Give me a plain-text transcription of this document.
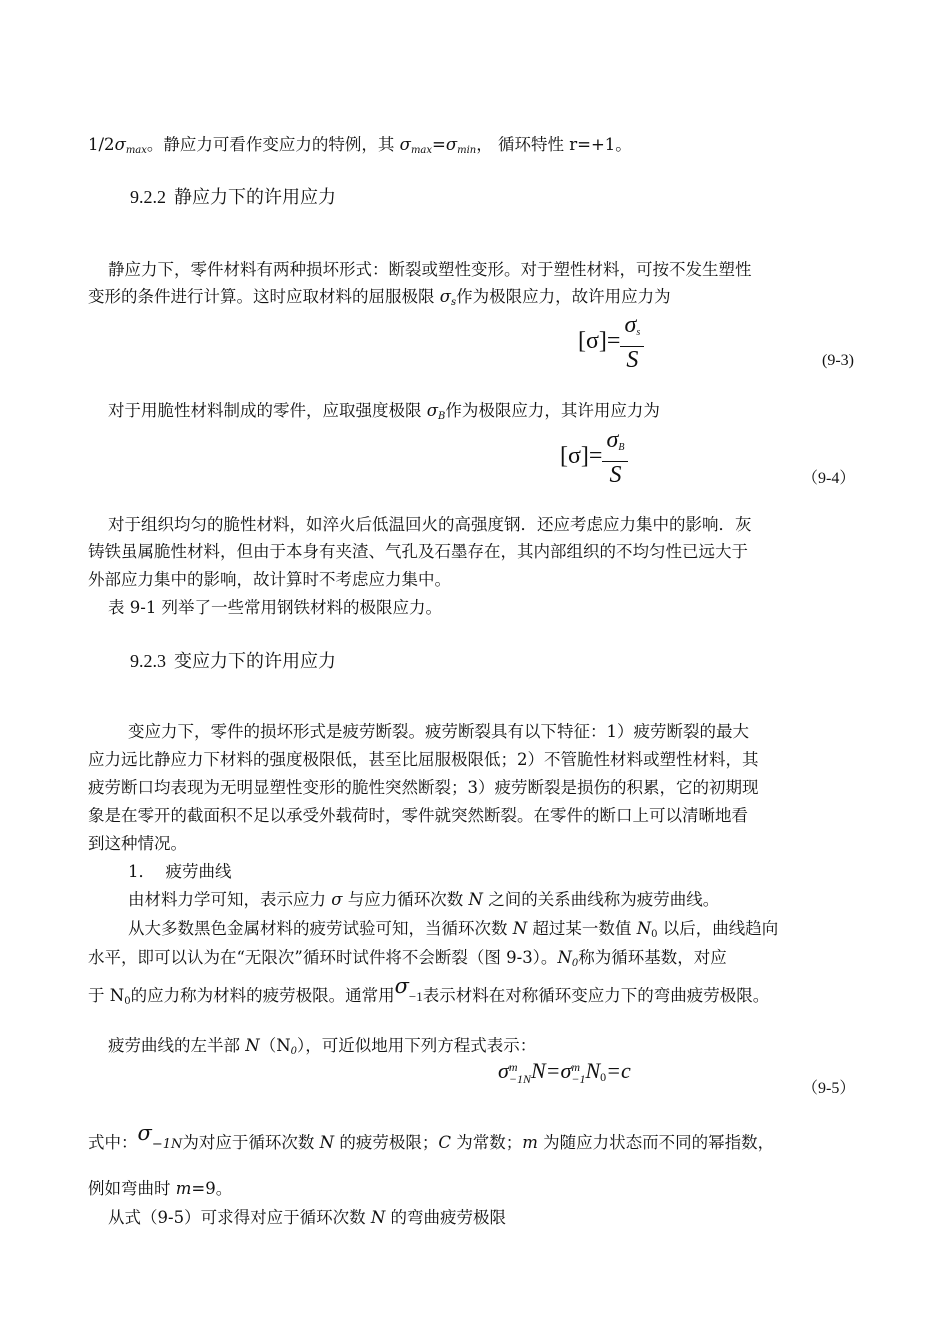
$1/2\sigma_{max}$。静应力可看作变应力的特例，其 $\sigma_{max}=\sigma_{min}$， 循环特性 r=+1。
9.2.2 静应力下的许用应力
静应力下，零件材料有两种损坏形式：断裂或塑性变形。对于塑性材料，可按不发生塑性
变形的条件进行计算。这时应取材料的屈服极限 $\sigma_s$作为极限应力，故许用应力为
$[\sigma]= \frac{\sigma_s}{S}$	(9-3)
对于用脆性材料制成的零件，应取强度极限 $\sigma_B$作为极限应力，其许用应力为
$[\sigma]= \frac{\sigma_B}{S}$	（9-4）
对于组织均匀的脆性材料，如淬火后低温回火的高强度钢．还应考虑应力集中的影响．灰
铸铁虽属脆性材料，但由于本身有夹渣、气孔及石墨存在，其内部组织的不均匀性已远大于
外部应力集中的影响，故计算时不考虑应力集中。
表 9-1 列举了一些常用钢铁材料的极限应力。
9.2.3 变应力下的许用应力
变应力下，零件的损坏形式是疲劳断裂。疲劳断裂具有以下特征：1）疲劳断裂的最大
应力远比静应力下材料的强度极限低，甚至比屈服极限低；2）不管脆性材料或塑性材料，其
疲劳断口均表现为无明显塑性变形的脆性突然断裂；3）疲劳断裂是损伤的积累，它的初期现
象是在零开的截面积不足以承受外载荷时，零件就突然断裂。在零件的断口上可以清晰地看
到这种情况。
1． 疲劳曲线
由材料力学可知，表示应力 σ 与应力循环次数 N 之间的关系曲线称为疲劳曲线。
从大多数黑色金属材料的疲劳试验可知，当循环次数 N 超过某一数值 $N_0$ 以后，曲线趋向
水平，即可以认为在“无限次”循环时试件将不会断裂（图 9-3）。$N_0$称为循环基数，对应
于 $N_0$的应力称为材料的疲劳极限。通常用σ−1表示材料在对称循环变应力下的弯曲疲劳极限。
疲劳曲线的左半部 $N(N_0)$，可近似地用下列方程式表示：
σ m
−1N N=σ m
−1 $N_0=c$
（9-5）
式中：σ−1N为对应于循环次数 N 的疲劳极限；C 为常数；m 为随应力状态而不同的幂指数，
例如弯曲时 m=9。
从式（9-5）可求得对应于循环次数 N 的弯曲疲劳极限
